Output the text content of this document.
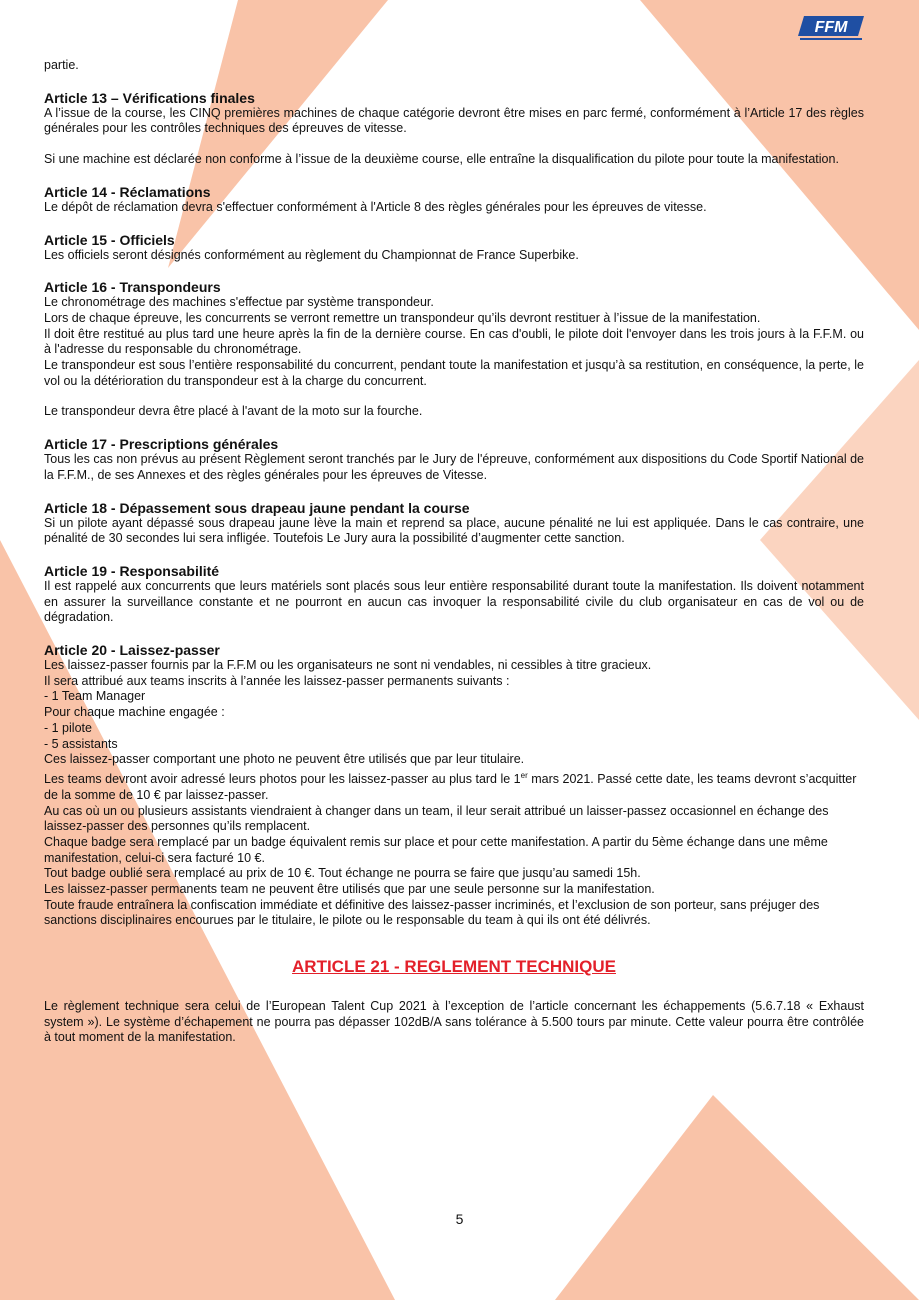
FFM

partie.

Article 13 – Vérifications finales

A l’issue de la course, les CINQ premières machines de chaque catégorie devront être mises en parc fermé, conformément à l’Article 17 des règles générales pour les contrôles techniques des épreuves de vitesse.

Si une machine est déclarée non conforme à l’issue de la deuxième course, elle entraîne la disqualification du pilote pour toute la manifestation.

Article 14 - Réclamations

Le dépôt de réclamation devra s'effectuer conformément à l'Article 8 des règles générales pour les épreuves de vitesse.

Article 15 - Officiels

Les officiels seront désignés conformément au règlement du Championnat de France Superbike.

Article 16 - Transpondeurs

Le chronométrage des machines s'effectue par système transpondeur.

Lors de chaque épreuve, les concurrents se verront remettre un transpondeur qu’ils devront restituer à l’issue de la manifestation.

Il doit être restitué au plus tard une heure après la fin de la dernière course. En cas d'oubli, le pilote doit l'envoyer dans les trois jours à la F.F.M. ou à l'adresse du responsable du chronométrage.

Le transpondeur est sous l’entière responsabilité du concurrent, pendant toute la manifestation et jusqu’à sa restitution, en conséquence, la perte, le vol ou la détérioration du transpondeur est à la charge du concurrent.

Le transpondeur devra être placé à l'avant de la moto sur la fourche.

Article 17 - Prescriptions générales

Tous les cas non prévus au présent Règlement seront tranchés par le Jury de l'épreuve, conformément aux dispositions du Code Sportif National de la F.F.M., de ses Annexes et des règles générales pour les épreuves de Vitesse.

Article 18 - Dépassement sous drapeau jaune pendant la course

Si un pilote ayant dépassé sous drapeau jaune lève la main et reprend sa place, aucune pénalité ne lui est appliquée. Dans le cas contraire, une pénalité de 30 secondes lui sera infligée. Toutefois Le Jury aura la possibilité d’augmenter cette sanction.

Article 19 - Responsabilité

Il est rappelé aux concurrents que leurs matériels sont placés sous leur entière responsabilité durant toute la manifestation. Ils doivent notamment en assurer la surveillance constante et ne pourront en aucun cas invoquer la responsabilité civile du club organisateur en cas de vol ou de dégradation.

Article 20 - Laissez-passer

Les laissez-passer fournis par la F.F.M ou les organisateurs ne sont ni vendables, ni cessibles à titre gracieux.

Il sera attribué aux teams inscrits à l’année les laissez-passer permanents suivants :

- 1 Team Manager

Pour chaque machine engagée :

- 1 pilote

- 5 assistants

Ces laissez-passer comportant une photo ne peuvent être utilisés que par leur titulaire.

Les teams devront avoir adressé leurs photos pour les laissez-passer au plus tard le 1er mars 2021. Passé cette date, les teams devront s’acquitter de la somme de 10 € par laissez-passer.

Au cas où un ou plusieurs assistants viendraient à changer dans un team, il leur serait attribué un laisser-passez occasionnel en échange des laissez-passer des personnes qu’ils remplacent.

Chaque badge sera remplacé par un badge équivalent remis sur place et pour cette manifestation. A partir du 5ème échange dans une même manifestation, celui-ci sera facturé 10 €.

Tout badge oublié sera remplacé au prix de 10 €. Tout échange ne pourra se faire que jusqu’au samedi 15h.

Les laissez-passer permanents team ne peuvent être utilisés que par une seule personne sur la manifestation.

Toute fraude entraînera la confiscation immédiate et définitive des laissez-passer incriminés, et l’exclusion de son porteur, sans préjuger des sanctions disciplinaires encourues par le titulaire, le pilote ou le responsable du team à qui ils ont été délivrés.

ARTICLE 21 - REGLEMENT TECHNIQUE

Le règlement technique sera celui de l’European Talent Cup 2021 à l’exception de l’article concernant les échappements (5.6.7.18 « Exhaust system »). Le système d’échapement ne pourra pas dépasser 102dB/A sans tolérance à 5.500 tours par minute. Cette valeur pourra être contrôlée à tout moment de la manifestation.

5
